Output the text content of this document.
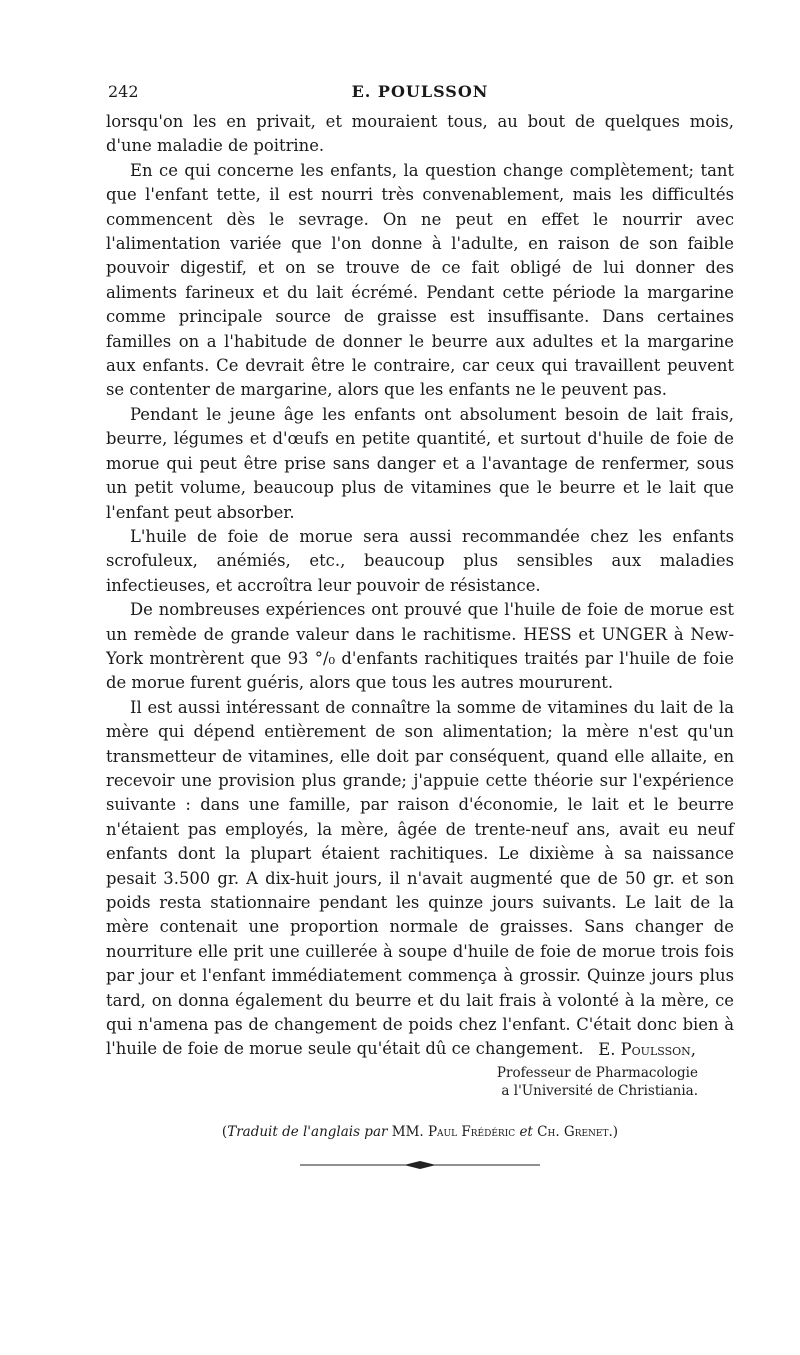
242	E. POULSSON

lorsqu'on les en privait, et mouraient tous, au bout de quelques mois, d'une maladie de poitrine.

En ce qui concerne les enfants, la question change complètement; tant que l'enfant tette, il est nourri très convenablement, mais les difficultés commencent dès le sevrage. On ne peut en effet le nourrir avec l'alimentation variée que l'on donne à l'adulte, en raison de son faible pouvoir digestif, et on se trouve de ce fait obligé de lui donner des aliments farineux et du lait écrémé. Pendant cette période la margarine comme principale source de graisse est insuffisante. Dans certaines familles on a l'habitude de donner le beurre aux adultes et la margarine aux enfants. Ce devrait être le contraire, car ceux qui travaillent peuvent se contenter de margarine, alors que les enfants ne le peuvent pas.

Pendant le jeune âge les enfants ont absolument besoin de lait frais, beurre, légumes et d'œufs en petite quantité, et surtout d'huile de foie de morue qui peut être prise sans danger et a l'avantage de renfermer, sous un petit volume, beaucoup plus de vitamines que le beurre et le lait que l'enfant peut absorber.

L'huile de foie de morue sera aussi recommandée chez les enfants scrofuleux, anémiés, etc., beaucoup plus sensibles aux maladies infectieuses, et accroîtra leur pouvoir de résistance.

De nombreuses expériences ont prouvé que l'huile de foie de morue est un remède de grande valeur dans le rachitisme. HESS et UNGER à New-York montrèrent que 93 °/₀ d'enfants rachitiques traités par l'huile de foie de morue furent guéris, alors que tous les autres moururent.

Il est aussi intéressant de connaître la somme de vitamines du lait de la mère qui dépend entièrement de son alimentation; la mère n'est qu'un transmetteur de vitamines, elle doit par conséquent, quand elle allaite, en recevoir une provision plus grande; j'appuie cette théorie sur l'expérience suivante : dans une famille, par raison d'économie, le lait et le beurre n'étaient pas employés, la mère, âgée de trente-neuf ans, avait eu neuf enfants dont la plupart étaient rachitiques. Le dixième à sa naissance pesait 3.500 gr. A dix-huit jours, il n'avait augmenté que de 50 gr. et son poids resta stationnaire pendant les quinze jours suivants. Le lait de la mère contenait une proportion normale de graisses. Sans changer de nourriture elle prit une cuillerée à soupe d'huile de foie de morue trois fois par jour et l'enfant immédiatement commença à grossir. Quinze jours plus tard, on donna également du beurre et du lait frais à volonté à la mère, ce qui n'amena pas de changement de poids chez l'enfant. C'était donc bien à l'huile de foie de morue seule qu'était dû ce changement. E. Poulsson,
Professeur de Pharmacologie
a l'Université de Christiania.
(Traduit de l'anglais par MM. Paul Frédéric et Ch. Grenet.)
